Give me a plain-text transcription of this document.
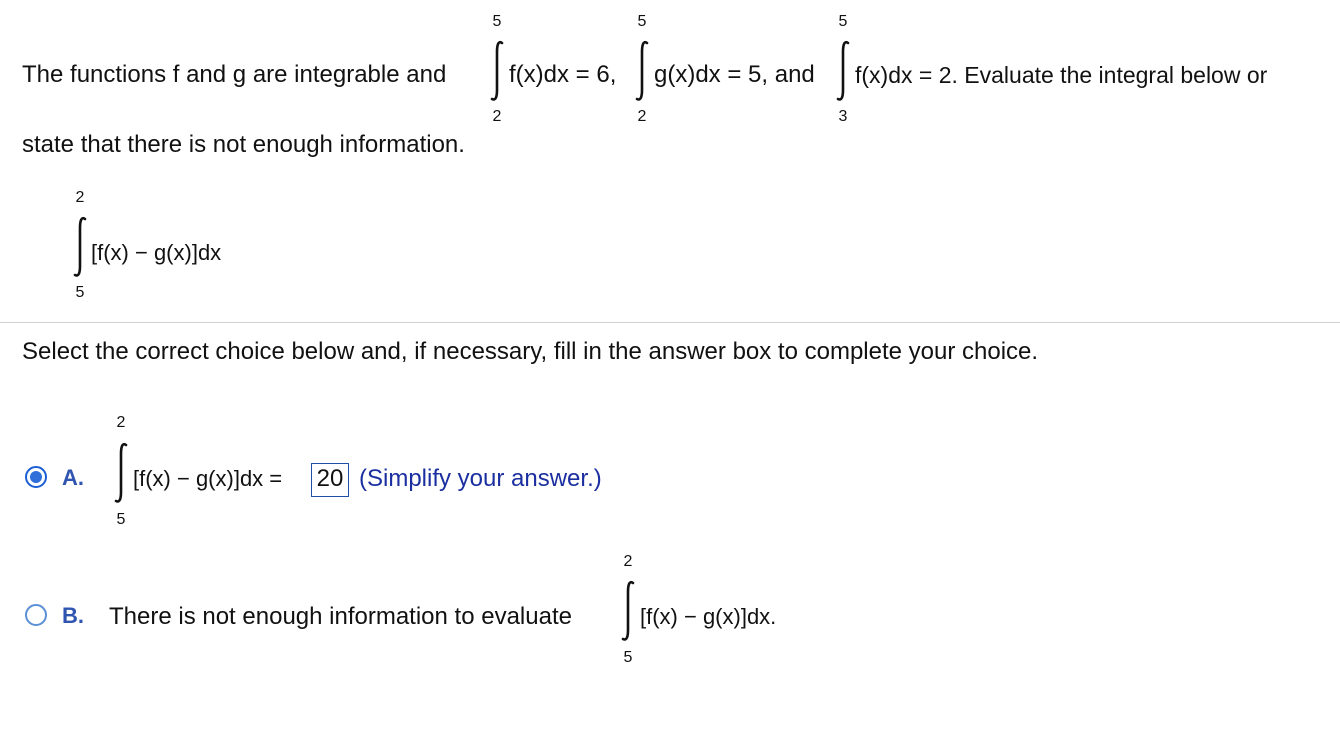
The functions f and g are integrable and
5
2
f(x)dx = 6,
5
2
g(x)dx = 5, and
5
3
f(x)dx = 2. Evaluate the integral below or
state that there is not enough information.
2
5
[f(x) − g(x)]dx
Select the correct choice below and, if necessary, fill in the answer box to complete your choice.
A.
2
5
[f(x) − g(x)]dx = 20 (Simplify your answer.)
B. There is not enough information to evaluate
2
5
[f(x) − g(x)]dx.
